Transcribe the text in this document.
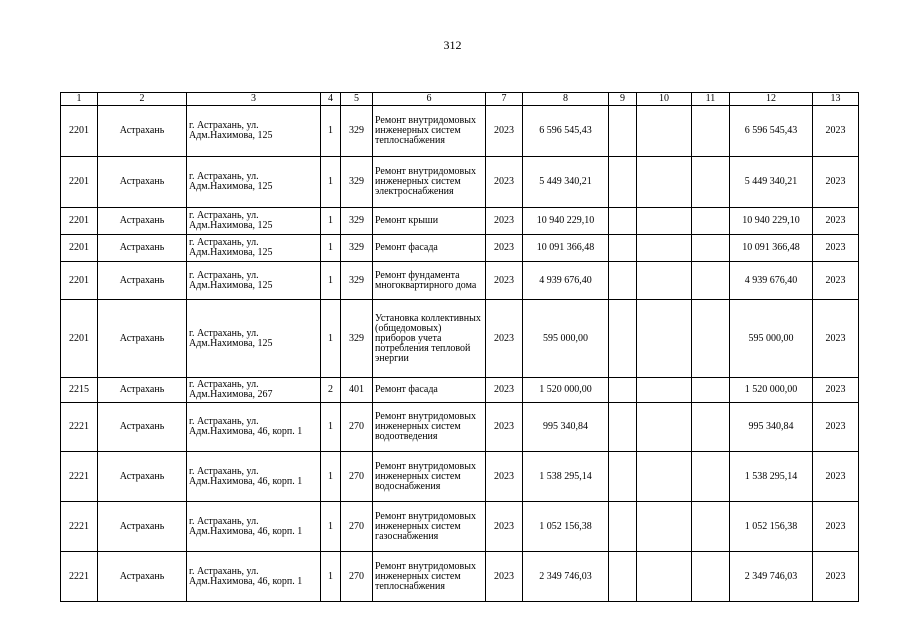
312
1	2	3	4	5	6	7	8	9	10	11	12	13
2201	Астрахань	г. Астрахань, ул. Адм.Нахимова, 125	1	329	Ремонт внутридомовых инженерных систем теплоснабжения	2023	6 596 545,43				6 596 545,43	2023
2201	Астрахань	г. Астрахань, ул. Адм.Нахимова, 125	1	329	Ремонт внутридомовых инженерных систем электроснабжения	2023	5 449 340,21				5 449 340,21	2023
2201	Астрахань	г. Астрахань, ул. Адм.Нахимова, 125	1	329	Ремонт крыши	2023	10 940 229,10				10 940 229,10	2023
2201	Астрахань	г. Астрахань, ул. Адм.Нахимова, 125	1	329	Ремонт фасада	2023	10 091 366,48				10 091 366,48	2023
2201	Астрахань	г. Астрахань, ул. Адм.Нахимова, 125	1	329	Ремонт фундамента многоквартирного дома	2023	4 939 676,40				4 939 676,40	2023
2201	Астрахань	г. Астрахань, ул. Адм.Нахимова, 125	1	329	Установка коллективных (общедомовых) приборов учета потребления тепловой энергии	2023	595 000,00				595 000,00	2023
2215	Астрахань	г. Астрахань, ул. Адм.Нахимова, 267	2	401	Ремонт фасада	2023	1 520 000,00				1 520 000,00	2023
2221	Астрахань	г. Астрахань, ул. Адм.Нахимова, 46, корп. 1	1	270	Ремонт внутридомовых инженерных систем водоотведения	2023	995 340,84				995 340,84	2023
2221	Астрахань	г. Астрахань, ул. Адм.Нахимова, 46, корп. 1	1	270	Ремонт внутридомовых инженерных систем водоснабжения	2023	1 538 295,14				1 538 295,14	2023
2221	Астрахань	г. Астрахань, ул. Адм.Нахимова, 46, корп. 1	1	270	Ремонт внутридомовых инженерных систем газоснабжения	2023	1 052 156,38				1 052 156,38	2023
2221	Астрахань	г. Астрахань, ул. Адм.Нахимова, 46, корп. 1	1	270	Ремонт внутридомовых инженерных систем теплоснабжения	2023	2 349 746,03				2 349 746,03	2023
